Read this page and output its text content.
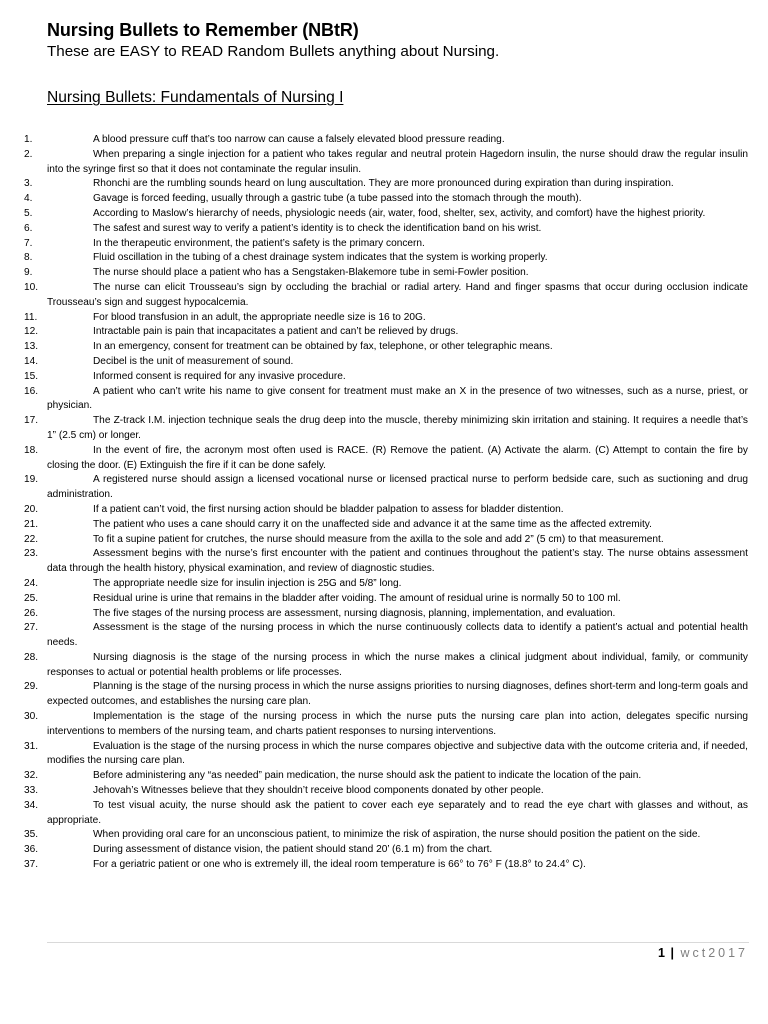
Nursing Bullets to Remember (NBtR)
These are EASY to READ Random Bullets anything about Nursing.
Nursing Bullets: Fundamentals of Nursing I
1.	A blood pressure cuff that’s too narrow can cause a falsely elevated blood pressure reading.
2.	When preparing a single injection for a patient who takes regular and neutral protein Hagedorn insulin, the nurse should draw the regular insulin into the syringe first so that it does not contaminate the regular insulin.
3.	Rhonchi are the rumbling sounds heard on lung auscultation. They are more pronounced during expiration than during inspiration.
4.	Gavage is forced feeding, usually through a gastric tube (a tube passed into the stomach through the mouth).
5.	According to Maslow’s hierarchy of needs, physiologic needs (air, water, food, shelter, sex, activity, and comfort) have the highest priority.
6.	The safest and surest way to verify a patient’s identity is to check the identification band on his wrist.
7.	In the therapeutic environment, the patient’s safety is the primary concern.
8.	Fluid oscillation in the tubing of a chest drainage system indicates that the system is working properly.
9.	The nurse should place a patient who has a Sengstaken-Blakemore tube in semi-Fowler position.
10.	The nurse can elicit Trousseau’s sign by occluding the brachial or radial artery. Hand and finger spasms that occur during occlusion indicate Trousseau’s sign and suggest hypocalcemia.
11.	For blood transfusion in an adult, the appropriate needle size is 16 to 20G.
12.	Intractable pain is pain that incapacitates a patient and can’t be relieved by drugs.
13.	In an emergency, consent for treatment can be obtained by fax, telephone, or other telegraphic means.
14.	Decibel is the unit of measurement of sound.
15.	Informed consent is required for any invasive procedure.
16.	A patient who can’t write his name to give consent for treatment must make an X in the presence of two witnesses, such as a nurse, priest, or physician.
17.	The Z-track I.M. injection technique seals the drug deep into the muscle, thereby minimizing skin irritation and staining. It requires a needle that’s 1” (2.5 cm) or longer.
18.	In the event of fire, the acronym most often used is RACE. (R) Remove the patient. (A) Activate the alarm. (C) Attempt to contain the fire by closing the door. (E) Extinguish the fire if it can be done safely.
19.	A registered nurse should assign a licensed vocational nurse or licensed practical nurse to perform bedside care, such as suctioning and drug administration.
20.	If a patient can’t void, the first nursing action should be bladder palpation to assess for bladder distention.
21.	The patient who uses a cane should carry it on the unaffected side and advance it at the same time as the affected extremity.
22.	To fit a supine patient for crutches, the nurse should measure from the axilla to the sole and add 2” (5 cm) to that measurement.
23.	Assessment begins with the nurse’s first encounter with the patient and continues throughout the patient’s stay. The nurse obtains assessment data through the health history, physical examination, and review of diagnostic studies.
24.	The appropriate needle size for insulin injection is 25G and 5/8” long.
25.	Residual urine is urine that remains in the bladder after voiding. The amount of residual urine is normally 50 to 100 ml.
26.	The five stages of the nursing process are assessment, nursing diagnosis, planning, implementation, and evaluation.
27.	Assessment is the stage of the nursing process in which the nurse continuously collects data to identify a patient’s actual and potential health needs.
28.	Nursing diagnosis is the stage of the nursing process in which the nurse makes a clinical judgment about individual, family, or community responses to actual or potential health problems or life processes.
29.	Planning is the stage of the nursing process in which the nurse assigns priorities to nursing diagnoses, defines short-term and long-term goals and expected outcomes, and establishes the nursing care plan.
30.	Implementation is the stage of the nursing process in which the nurse puts the nursing care plan into action, delegates specific nursing interventions to members of the nursing team, and charts patient responses to nursing interventions.
31.	Evaluation is the stage of the nursing process in which the nurse compares objective and subjective data with the outcome criteria and, if needed, modifies the nursing care plan.
32.	Before administering any “as needed” pain medication, the nurse should ask the patient to indicate the location of the pain.
33.	Jehovah’s Witnesses believe that they shouldn’t receive blood components donated by other people.
34.	To test visual acuity, the nurse should ask the patient to cover each eye separately and to read the eye chart with glasses and without, as appropriate.
35.	When providing oral care for an unconscious patient, to minimize the risk of aspiration, the nurse should position the patient on the side.
36.	During assessment of distance vision, the patient should stand 20’ (6.1 m) from the chart.
37.	For a geriatric patient or one who is extremely ill, the ideal room temperature is 66° to 76° F (18.8° to 24.4° C).
1 | wct2017
